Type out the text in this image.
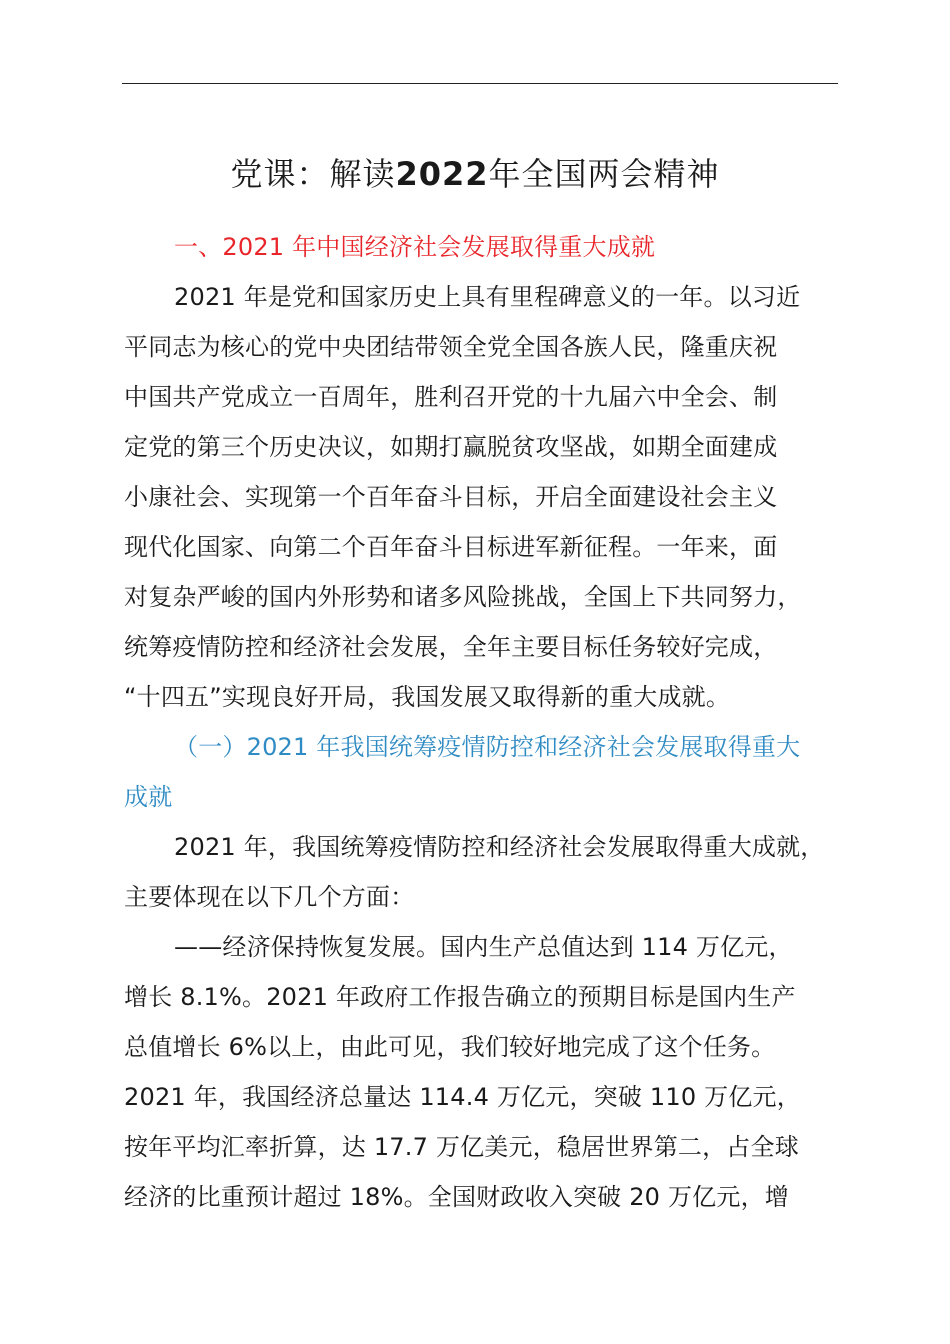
党课：解读2022年全国两会精神
一、2021 年中国经济社会发展取得重大成就
2021 年是党和国家历史上具有里程碑意义的一年。以习近
平同志为核心的党中央团结带领全党全国各族人民，隆重庆祝
中国共产党成立一百周年，胜利召开党的十九届六中全会、制
定党的第三个历史决议，如期打赢脱贫攻坚战，如期全面建成
小康社会、实现第一个百年奋斗目标，开启全面建设社会主义
现代化国家、向第二个百年奋斗目标进军新征程。一年来，面
对复杂严峻的国内外形势和诸多风险挑战，全国上下共同努力，
统筹疫情防控和经济社会发展，全年主要目标任务较好完成，
“十四五”实现良好开局，我国发展又取得新的重大成就。
（一）2021 年我国统筹疫情防控和经济社会发展取得重大
成就
2021 年，我国统筹疫情防控和经济社会发展取得重大成就，
主要体现在以下几个方面：
——经济保持恢复发展。国内生产总值达到 114 万亿元，
增长 8.1%。2021 年政府工作报告确立的预期目标是国内生产
总值增长 6%以上，由此可见，我们较好地完成了这个任务。
2021 年，我国经济总量达 114.4 万亿元，突破 110 万亿元，
按年平均汇率折算，达 17.7 万亿美元，稳居世界第二，占全球
经济的比重预计超过 18%。全国财政收入突破 20 万亿元，增
